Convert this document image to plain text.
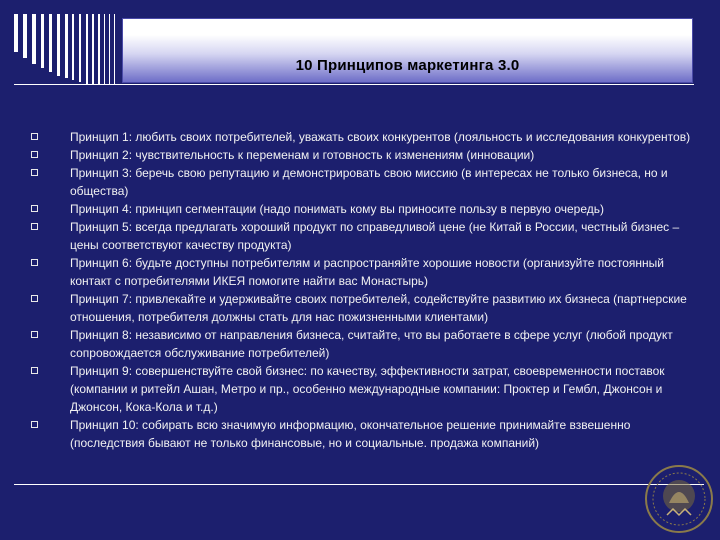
10 Принципов маркетинга 3.0
Принцип 1: любить своих потребителей, уважать своих конкурентов (лояльность и исследования конкурентов)
Принцип 2: чувствительность к переменам и готовность к изменениям (инновации)
Принцип 3: беречь свою репутацию и демонстрировать свою миссию (в интересах не только бизнеса, но и общества)
Принцип 4: принцип сегментации (надо понимать кому вы приносите пользу в первую очередь)
Принцип 5: всегда предлагать хороший продукт по справедливой цене (не Китай в России, честный бизнес – цены соответствуют качеству продукта)
Принцип 6: будьте доступны потребителям и распространяйте хорошие новости (организуйте постоянный контакт с потребителями ИКЕЯ помогите найти вас Монастырь)
Принцип 7: привлекайте и удерживайте своих потребителей, содействуйте развитию их бизнеса (партнерские отношения, потребителя должны стать для нас пожизненными клиентами)
Принцип 8: независимо от направления бизнеса, считайте, что вы работаете в сфере услуг (любой продукт сопровождается обслуживание потребителей)
Принцип 9: совершенствуйте свой бизнес: по качеству, эффективности затрат, своевременности поставок (компании и ритейл Ашан, Метро и пр., особенно международные компании: Проктер и Гембл, Джонсон и Джонсон, Кока-Кола и т.д.)
Принцип 10: собирать всю значимую информацию, окончательное решение принимайте взвешенно (последствия бывают не только финансовые, но и социальные. продажа компаний)
